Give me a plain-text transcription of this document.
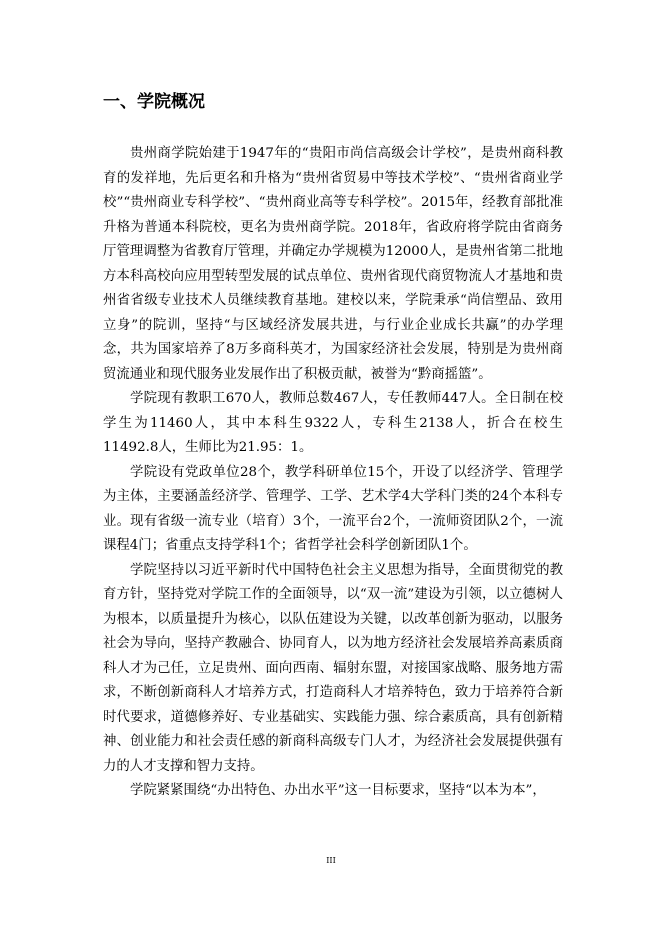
一、学院概况

贵州商学院始建于1947年的“贵阳市尚信高级会计学校”，是贵州商科教育的发祥地，先后更名和升格为“贵州省贸易中等技术学校”、“贵州省商业学校”“贵州商业专科学校”、“贵州商业高等专科学校”。2015年，经教育部批准升格为普通本科院校，更名为贵州商学院。2018年，省政府将学院由省商务厅管理调整为省教育厅管理，并确定办学规模为12000人，是贵州省第二批地方本科高校向应用型转型发展的试点单位、贵州省现代商贸物流人才基地和贵州省省级专业技术人员继续教育基地。建校以来，学院秉承“尚信塑品、致用立身”的院训，坚持“与区域经济发展共进，与行业企业成长共赢”的办学理念，共为国家培养了8万多商科英才，为国家经济社会发展，特别是为贵州商贸流通业和现代服务业发展作出了积极贡献，被誉为“黔商摇篮”。

学院现有教职工670人，教师总数467人，专任教师447人。全日制在校学生为11460人，其中本科生9322人，专科生2138人，折合在校生11492.8人，生师比为21.95：1。

学院设有党政单位28个，教学科研单位15个，开设了以经济学、管理学为主体，主要涵盖经济学、管理学、工学、艺术学4大学科门类的24个本科专业。现有省级一流专业（培育）3个，一流平台2个，一流师资团队2个，一流课程4门；省重点支持学科1个；省哲学社会科学创新团队1个。

学院坚持以习近平新时代中国特色社会主义思想为指导，全面贯彻党的教育方针，坚持党对学院工作的全面领导，以“双一流”建设为引领，以立德树人为根本，以质量提升为核心，以队伍建设为关键，以改革创新为驱动，以服务社会为导向，坚持产教融合、协同育人，以为地方经济社会发展培养高素质商科人才为己任，立足贵州、面向西南、辐射东盟，对接国家战略、服务地方需求，不断创新商科人才培养方式，打造商科人才培养特色，致力于培养符合新时代要求，道德修养好、专业基础实、实践能力强、综合素质高，具有创新精神、创业能力和社会责任感的新商科高级专门人才，为经济社会发展提供强有力的人才支撑和智力支持。

学院紧紧围绕“办出特色、办出水平”这一目标要求，坚持“以本为本”，

III
